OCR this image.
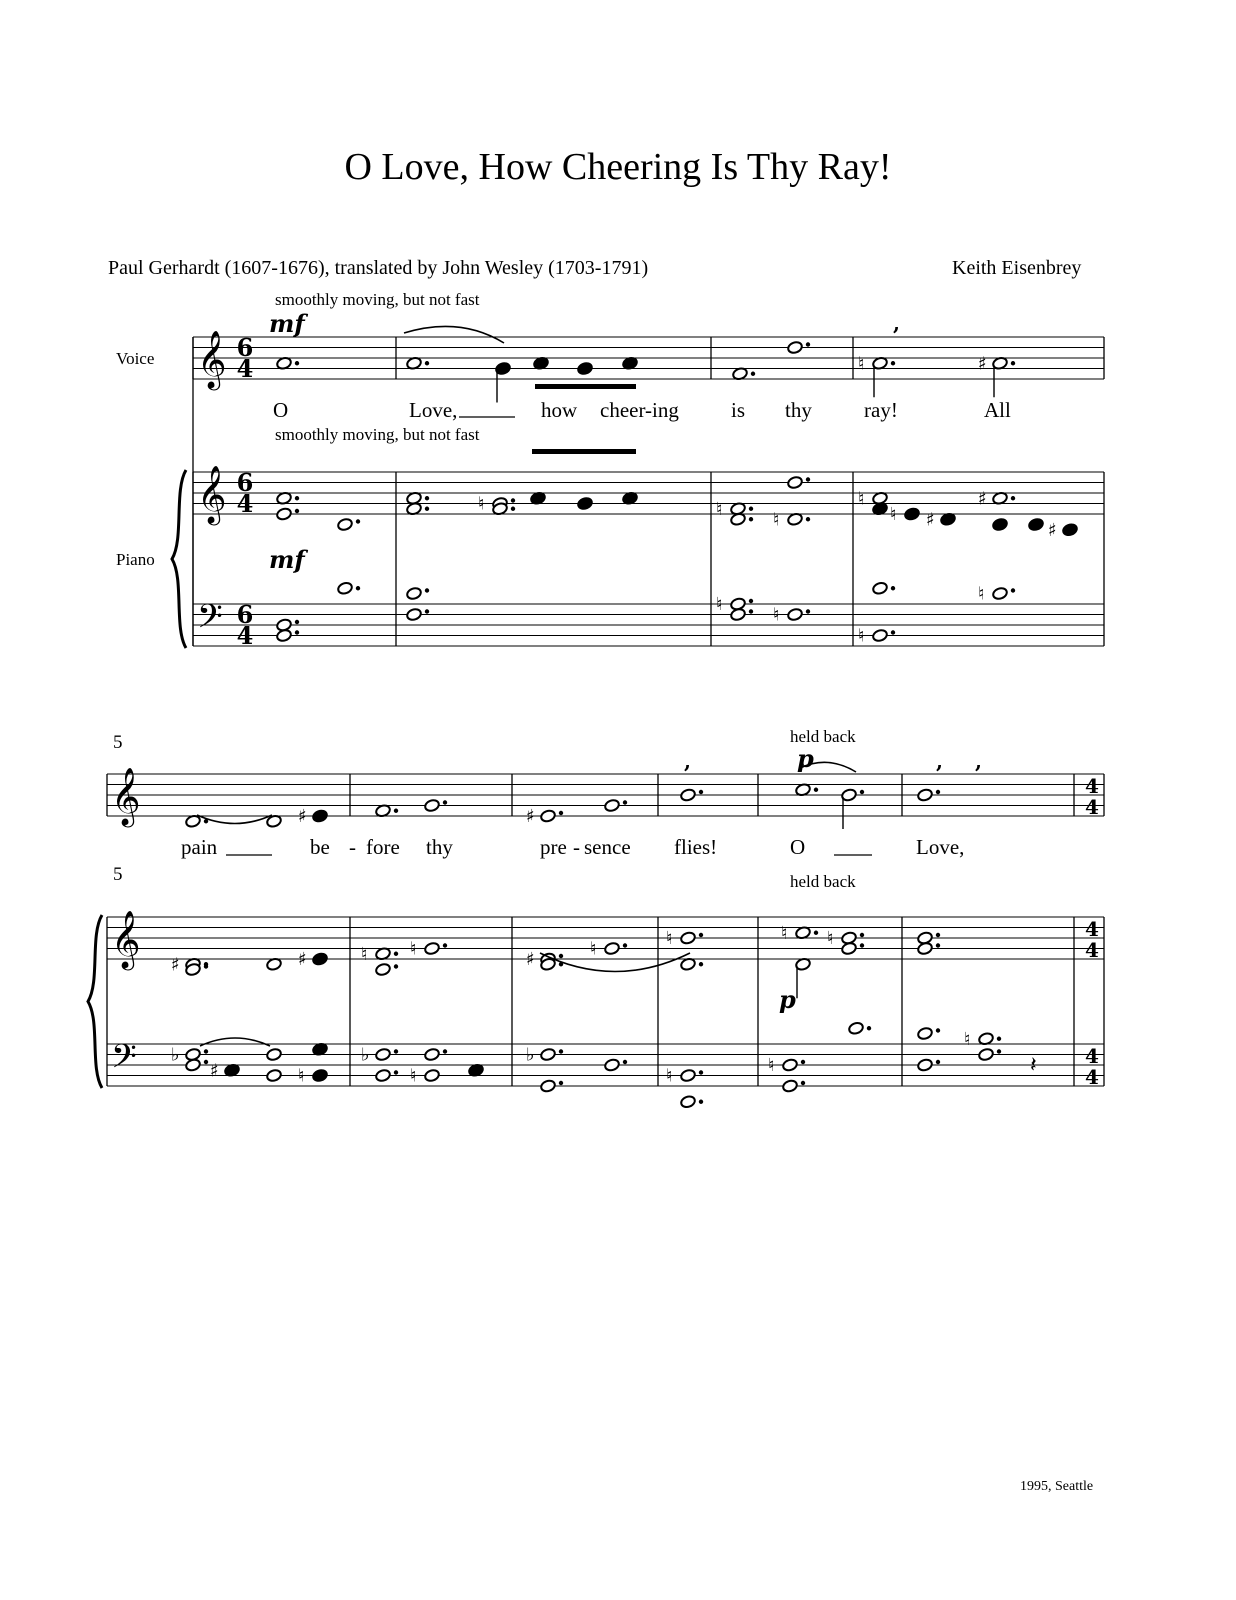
O Love, How Cheering Is Thy Ray!
Paul Gerhardt (1607-1676), translated by John Wesley (1703-1791)	Keith Eisenbrey
smoothly moving, but not fast
smoothly moving, but not fast
Voice
Piano
mf
mf
O	Love,	how cheer-ing is thy ray!	All
5
5
held back
held back
p
p
pain	be - fore thy	pre - sence flies!	O	Love,
1995, Seattle
𝄞
𝄞
𝄢
𝄞
𝄞
𝄢
♮	♯
♮	♮	♮
♮
♮ ♯
♯
♯
♮	♮
♮
♮
♯	♯
♯	♯	♮ ♮	♯	♮	♮	♮ ♮
♭
♯	♮
♭
♮
♭
♮	♮
♮
𝄽
,
,
,	,
6
4
6
4
6
4
4
4
4
4
4
4
